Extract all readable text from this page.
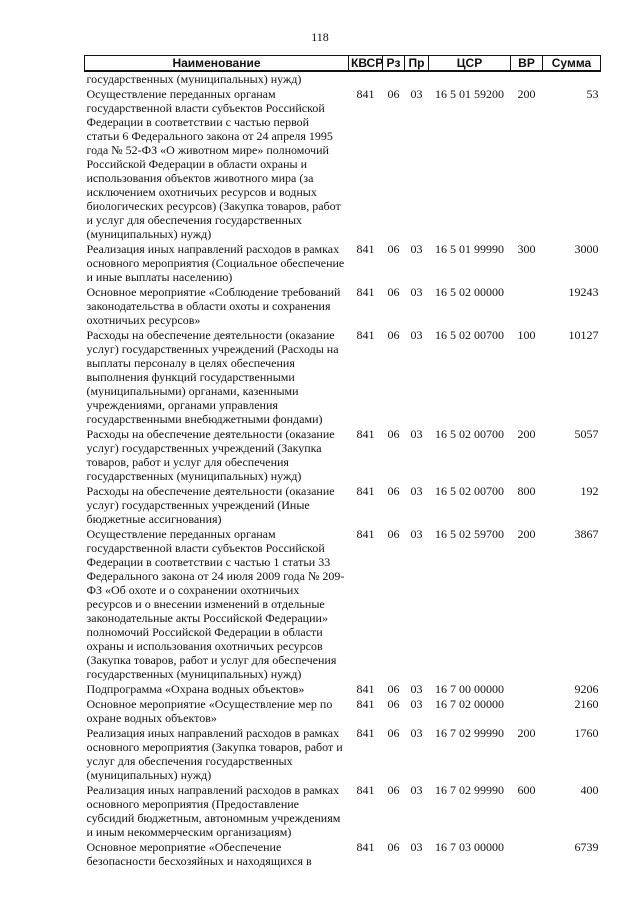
118
Наименование	КВСР	Рз	Пр	ЦСР	ВР	Сумма
государственных (муниципальных) нужд)						
Осуществление переданных органам государственной власти субъектов Российской Федерации в соответствии с частью первой статьи 6 Федерального закона от 24 апреля 1995 года № 52-ФЗ «О животном мире» полномочий Российской Федерации в области охраны и использования объектов животного мира (за исключением охотничьих ресурсов и водных биологических ресурсов) (Закупка товаров, работ и услуг для обеспечения государственных (муниципальных) нужд)	841	06	03	16 5 01 59200	200	53
Реализация иных направлений расходов в рамках основного мероприятия (Социальное обеспечение и иные выплаты населению)	841	06	03	16 5 01 99990	300	3000
Основное мероприятие «Соблюдение требований законодательства в области охоты и сохранения охотничьих ресурсов»	841	06	03	16 5 02 00000		19243
Расходы на обеспечение деятельности (оказание услуг) государственных учреждений (Расходы на выплаты персоналу в целях обеспечения выполнения функций государственными (муниципальными) органами, казенными учреждениями, органами управления государственными внебюджетными фондами)	841	06	03	16 5 02 00700	100	10127
Расходы на обеспечение деятельности (оказание услуг) государственных учреждений (Закупка товаров, работ и услуг для обеспечения государственных (муниципальных) нужд)	841	06	03	16 5 02 00700	200	5057
Расходы на обеспечение деятельности (оказание услуг) государственных учреждений (Иные бюджетные ассигнования)	841	06	03	16 5 02 00700	800	192
Осуществление переданных органам государственной власти субъектов Российской Федерации в соответствии с частью 1 статьи 33 Федерального закона от 24 июля 2009 года № 209-ФЗ «Об охоте и о сохранении охотничьих ресурсов и о внесении изменений в отдельные законодательные акты Российской Федерации» полномочий Российской Федерации в области охраны и использования охотничьих ресурсов (Закупка товаров, работ и услуг для обеспечения государственных (муниципальных) нужд)	841	06	03	16 5 02 59700	200	3867
Подпрограмма «Охрана водных объектов»	841	06	03	16 7 00 00000		9206
Основное мероприятие «Осуществление мер по охране водных объектов»	841	06	03	16 7 02 00000		2160
Реализация иных направлений расходов в рамках основного мероприятия (Закупка товаров, работ и услуг для обеспечения государственных (муниципальных) нужд)	841	06	03	16 7 02 99990	200	1760
Реализация иных направлений расходов в рамках основного мероприятия (Предоставление субсидий бюджетным, автономным учреждениям и иным некоммерческим организациям)	841	06	03	16 7 02 99990	600	400
Основное мероприятие «Обеспечение безопасности бесхозяйных и находящихся в	841	06	03	16 7 03 00000		6739
